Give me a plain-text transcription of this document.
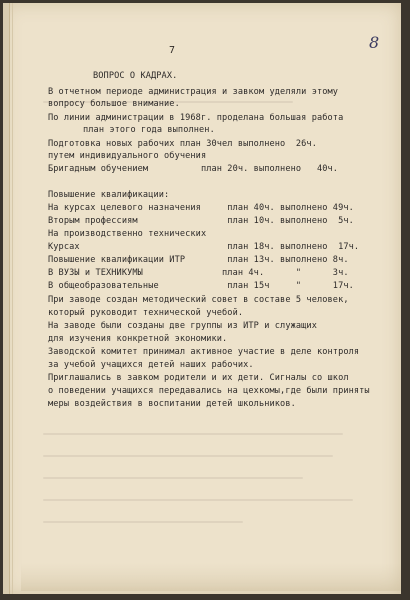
7	8
ВОПРОС О КАДРАХ.
В отчетном периоде администрация и завком уделяли этому
вопросу большое внимание.
По линии администрации в 1968г. проделана большая работа
план этого года выполнен.
Подготовка новых рабочих план 30чел выполнено  26ч.
путем индивидуального обучения
Бригадным обучением          план 20ч. выполнено   40ч.
Повышение квалификации:
На курсах целевого назначения     план 40ч. выполнено 49ч.
Вторым профессиям                 план 10ч. выполнено  5ч.
На производственно технических
Курсах                            план 18ч. выполнено  17ч.
Повышение квалификации ИТР        план 13ч. выполнено 8ч.
В ВУЗЫ и ТЕХНИКУМЫ               план 4ч.      "      3ч.
В общеобразовательные             план 15ч     "      17ч.
При заводе создан методический совет в составе 5 человек,
который руководит технической учебой.
На заводе были созданы две группы из ИТР и служащих
для изучения конкретной экономики.
Заводской комитет принимал активное участие в деле контроля
за учебой учащихся детей наших рабочих.
Приглашались в завком родители и их дети. Сигналы со школ
о поведении учащихся передавались на цехкомы,где были приняты
меры воздействия в воспитании детей школьников.
